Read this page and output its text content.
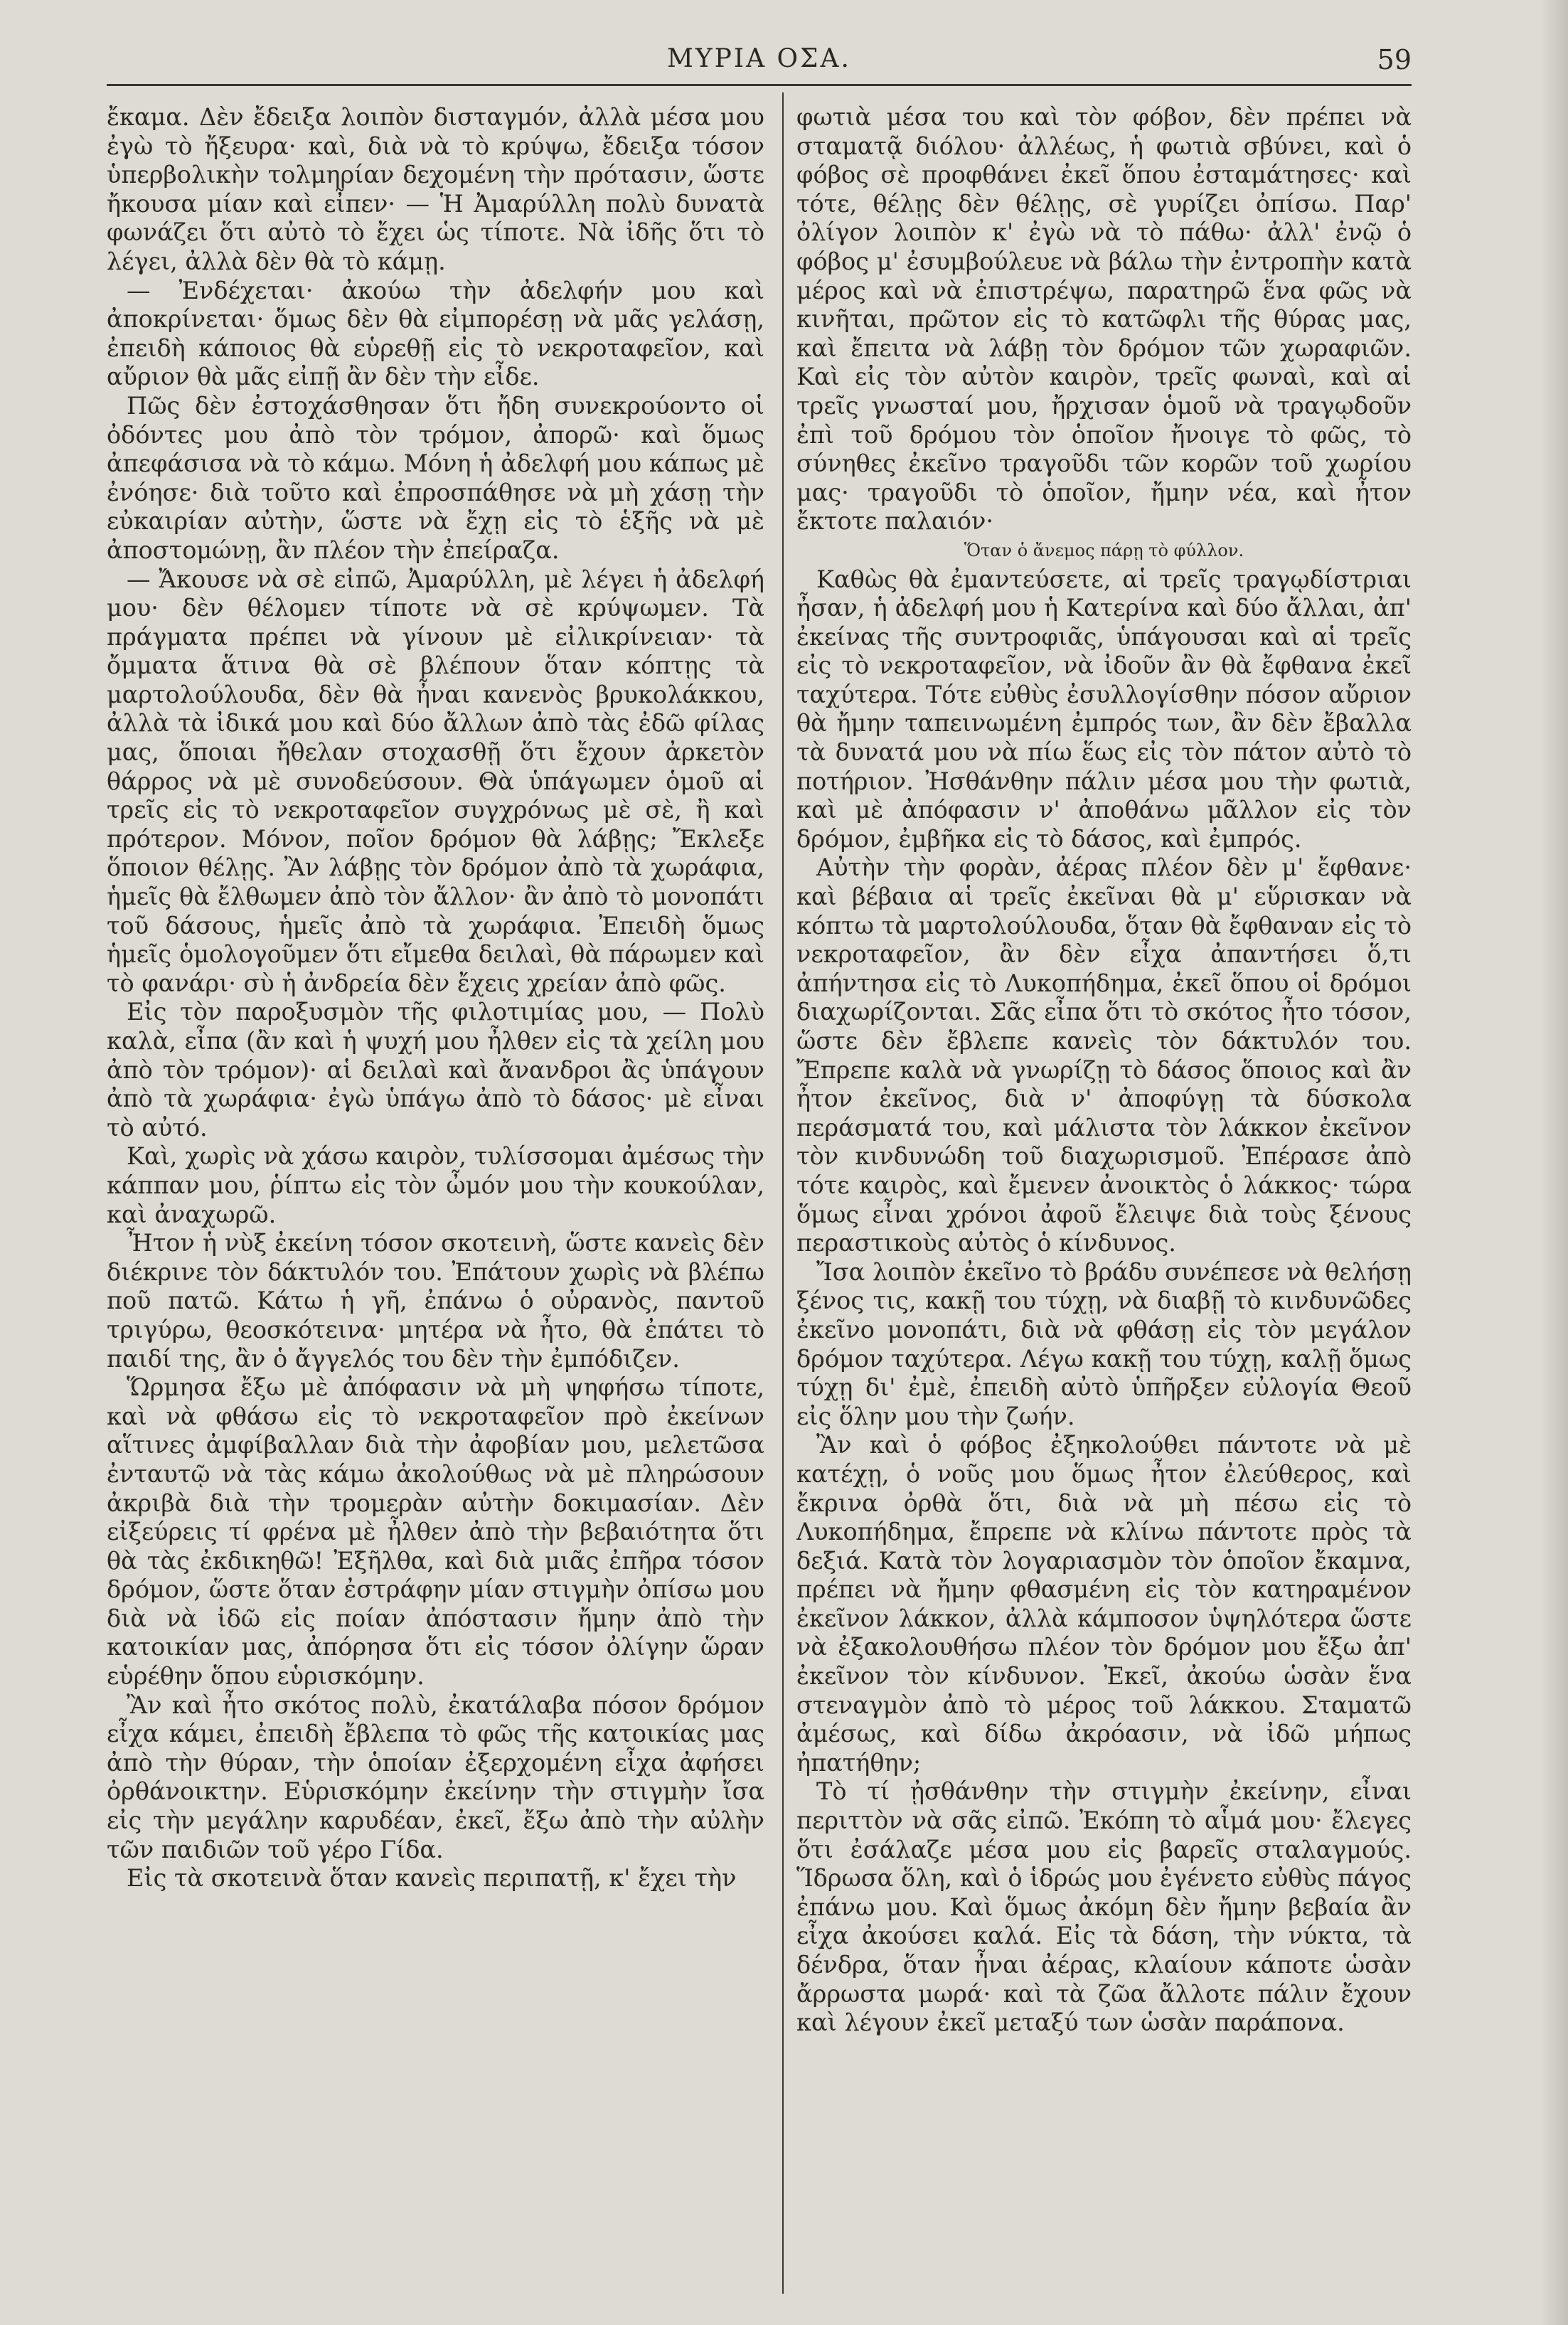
ΜΥΡΙΑ ΟΣΑ.	59

ἔκαμα. Δὲν ἔδειξα λοιπὸν δισταγμόν, ἀλλὰ μέσα μου ἐγὼ τὸ ἤξευρα· καὶ, διὰ νὰ τὸ κρύψω, ἔδειξα τόσον ὑπερβολικὴν τολμηρίαν δεχομένη τὴν πρότασιν, ὥστε ἤκουσα μίαν καὶ εἶπεν· — Ἡ Ἀμαρύλλη πολὺ δυνατὰ φωνάζει ὅτι αὐτὸ τὸ ἔχει ὡς τίποτε. Νὰ ἰδῆς ὅτι τὸ λέγει, ἀλλὰ δὲν θὰ τὸ κάμῃ.

— Ἐνδέχεται· ἀκούω τὴν ἀδελφήν μου καὶ ἀποκρίνεται· ὅμως δὲν θὰ εἰμπορέσῃ νὰ μᾶς γελάσῃ, ἐπειδὴ κάποιος θὰ εὑρεθῇ εἰς τὸ νεκροταφεῖον, καὶ αὔριον θὰ μᾶς εἰπῇ ἂν δὲν τὴν εἶδε.

Πῶς δὲν ἐστοχάσθησαν ὅτι ἤδη συνεκρούοντο οἱ ὀδόντες μου ἀπὸ τὸν τρόμον, ἀπορῶ· καὶ ὅμως ἀπεφάσισα νὰ τὸ κάμω. Μόνη ἡ ἀδελφή μου κάπως μὲ ἐνόησε· διὰ τοῦτο καὶ ἐπροσπάθησε νὰ μὴ χάσῃ τὴν εὐκαιρίαν αὐτὴν, ὥστε νὰ ἔχῃ εἰς τὸ ἑξῆς νὰ μὲ ἀποστομώνῃ, ἂν πλέον τὴν ἐπείραζα.

— Ἄκουσε νὰ σὲ εἰπῶ, Ἀμαρύλλη, μὲ λέγει ἡ ἀδελφή μου· δὲν θέλομεν τίποτε νὰ σὲ κρύψωμεν. Τὰ πράγματα πρέπει νὰ γίνουν μὲ εἰλικρίνειαν· τὰ ὄμματα ἅτινα θὰ σὲ βλέπουν ὅταν κόπτῃς τὰ μαρτολούλουδα, δὲν θὰ ἦναι κανενὸς βρυκολάκκου, ἀλλὰ τὰ ἰδικά μου καὶ δύο ἄλλων ἀπὸ τὰς ἐδῶ φίλας μας, ὅποιαι ἤθελαν στοχασθῇ ὅτι ἔχουν ἀρκετὸν θάρρος νὰ μὲ συνοδεύσουν. Θὰ ὑπάγωμεν ὁμοῦ αἱ τρεῖς εἰς τὸ νεκροταφεῖον συγχρόνως μὲ σὲ, ἢ καὶ πρότερον. Μόνον, ποῖον δρόμον θὰ λάβῃς; Ἔκλεξε ὅποιον θέλῃς. Ἂν λάβῃς τὸν δρόμον ἀπὸ τὰ χωράφια, ἡμεῖς θὰ ἔλθωμεν ἀπὸ τὸν ἄλλον· ἂν ἀπὸ τὸ μονοπάτι τοῦ δάσους, ἡμεῖς ἀπὸ τὰ χωράφια. Ἐπειδὴ ὅμως ἡμεῖς ὁμολογοῦμεν ὅτι εἴμεθα δειλαὶ, θὰ πάρωμεν καὶ τὸ φανάρι· σὺ ἡ ἀνδρεία δὲν ἔχεις χρείαν ἀπὸ φῶς.

Εἰς τὸν παροξυσμὸν τῆς φιλοτιμίας μου, — Πολὺ καλὰ, εἶπα (ἂν καὶ ἡ ψυχή μου ἦλθεν εἰς τὰ χείλη μου ἀπὸ τὸν τρόμον)· αἱ δειλαὶ καὶ ἄνανδροι ἂς ὑπάγουν ἀπὸ τὰ χωράφια· ἐγὼ ὑπάγω ἀπὸ τὸ δάσος· μὲ εἶναι τὸ αὐτό.

Καὶ, χωρὶς νὰ χάσω καιρὸν, τυλίσσομαι ἀμέσως τὴν κάππαν μου, ῥίπτω εἰς τὸν ὦμόν μου τὴν κουκούλαν, καὶ ἀναχωρῶ.

Ἦτον ἡ νὺξ ἐκείνη τόσον σκοτεινὴ, ὥστε κανεὶς δὲν διέκρινε τὸν δάκτυλόν του. Ἐπάτουν χωρὶς νὰ βλέπω ποῦ πατῶ. Κάτω ἡ γῆ, ἐπάνω ὁ οὐρανὸς, παντοῦ τριγύρω, θεοσκότεινα· μητέρα νὰ ἦτο, θὰ ἐπάτει τὸ παιδί της, ἂν ὁ ἄγγελός του δὲν τὴν ἐμπόδιζεν.

Ὥρμησα ἔξω μὲ ἀπόφασιν νὰ μὴ ψηφήσω τίποτε, καὶ νὰ φθάσω εἰς τὸ νεκροταφεῖον πρὸ ἐκείνων αἵτινες ἀμφίβαλλαν διὰ τὴν ἀφοβίαν μου, μελετῶσα ἐνταυτῷ νὰ τὰς κάμω ἀκολούθως νὰ μὲ πληρώσουν ἀκριβὰ διὰ τὴν τρομερὰν αὐτὴν δοκιμασίαν. Δὲν εἰξεύρεις τί φρένα μὲ ἦλθεν ἀπὸ τὴν βεβαιότητα ὅτι θὰ τὰς ἐκδικηθῶ! Ἐξῆλθα, καὶ διὰ μιᾶς ἐπῆρα τόσον δρόμον, ὥστε ὅταν ἐστράφην μίαν στιγμὴν ὀπίσω μου διὰ νὰ ἰδῶ εἰς ποίαν ἀπόστασιν ἤμην ἀπὸ τὴν κατοικίαν μας, ἀπόρησα ὅτι εἰς τόσον ὀλίγην ὥραν εὑρέθην ὅπου εὑρισκόμην.

Ἂν καὶ ἦτο σκότος πολὺ, ἐκατάλαβα πόσον δρόμον εἶχα κάμει, ἐπειδὴ ἔβλεπα τὸ φῶς τῆς κατοικίας μας ἀπὸ τὴν θύραν, τὴν ὁποίαν ἐξερχομένη εἶχα ἀφήσει ὀρθάνοικτην. Εὑρισκόμην ἐκείνην τὴν στιγμὴν ἴσα εἰς τὴν μεγάλην καρυδέαν, ἐκεῖ, ἔξω ἀπὸ τὴν αὐλὴν τῶν παιδιῶν τοῦ γέρο Γίδα.

Εἰς τὰ σκοτεινὰ ὅταν κανεὶς περιπατῇ, κ' ἔχει τὴν

φωτιὰ μέσα του καὶ τὸν φόβον, δὲν πρέπει νὰ σταματᾷ διόλου· ἀλλέως, ἡ φωτιὰ σβύνει, καὶ ὁ φόβος σὲ προφθάνει ἐκεῖ ὅπου ἐσταμάτησες· καὶ τότε, θέλῃς δὲν θέλῃς, σὲ γυρίζει ὀπίσω. Παρ' ὀλίγον λοιπὸν κ' ἐγὼ νὰ τὸ πάθω· ἀλλ' ἐνῷ ὁ φόβος μ' ἐσυμβούλευε νὰ βάλω τὴν ἐντροπὴν κατὰ μέρος καὶ νὰ ἐπιστρέψω, παρατηρῶ ἕνα φῶς νὰ κινῆται, πρῶτον εἰς τὸ κατῶφλι τῆς θύρας μας, καὶ ἔπειτα νὰ λάβῃ τὸν δρόμον τῶν χωραφιῶν. Καὶ εἰς τὸν αὐτὸν καιρὸν, τρεῖς φωναὶ, καὶ αἱ τρεῖς γνωσταί μου, ἤρχισαν ὁμοῦ νὰ τραγῳδοῦν ἐπὶ τοῦ δρόμου τὸν ὁποῖον ἤνοιγε τὸ φῶς, τὸ σύνηθες ἐκεῖνο τραγοῦδι τῶν κορῶν τοῦ χωρίου μας· τραγοῦδι τὸ ὁποῖον, ἤμην νέα, καὶ ἦτον ἔκτοτε παλαιόν·

Ὅταν ὁ ἄνεμος πάρῃ τὸ φύλλον.

Καθὼς θὰ ἐμαντεύσετε, αἱ τρεῖς τραγῳδίστριαι ἦσαν, ἡ ἀδελφή μου ἡ Κατερίνα καὶ δύο ἄλλαι, ἀπ' ἐκείνας τῆς συντροφιᾶς, ὑπάγουσαι καὶ αἱ τρεῖς εἰς τὸ νεκροταφεῖον, νὰ ἰδοῦν ἂν θὰ ἔφθανα ἐκεῖ ταχύτερα. Τότε εὐθὺς ἐσυλλογίσθην πόσον αὔριον θὰ ἤμην ταπεινωμένη ἐμπρός των, ἂν δὲν ἔβαλλα τὰ δυνατά μου νὰ πίω ἕως εἰς τὸν πάτον αὐτὸ τὸ ποτήριον. Ἠσθάνθην πάλιν μέσα μου τὴν φωτιὰ, καὶ μὲ ἀπόφασιν ν' ἀποθάνω μᾶλλον εἰς τὸν δρόμον, ἐμβῆκα εἰς τὸ δάσος, καὶ ἐμπρός.

Αὐτὴν τὴν φορὰν, ἀέρας πλέον δὲν μ' ἔφθανε· καὶ βέβαια αἱ τρεῖς ἐκεῖναι θὰ μ' εὕρισκαν νὰ κόπτω τὰ μαρτολούλουδα, ὅταν θὰ ἔφθαναν εἰς τὸ νεκροταφεῖον, ἂν δὲν εἶχα ἀπαντήσει ὅ,τι ἀπήντησα εἰς τὸ Λυκοπήδημα, ἐκεῖ ὅπου οἱ δρόμοι διαχωρίζονται. Σᾶς εἶπα ὅτι τὸ σκότος ἦτο τόσον, ὥστε δὲν ἔβλεπε κανεὶς τὸν δάκτυλόν του. Ἔπρεπε καλὰ νὰ γνωρίζῃ τὸ δάσος ὅποιος καὶ ἂν ἦτον ἐκεῖνος, διὰ ν' ἀποφύγῃ τὰ δύσκολα περάσματά του, καὶ μάλιστα τὸν λάκκον ἐκεῖνον τὸν κινδυνώδη τοῦ διαχωρισμοῦ. Ἐπέρασε ἀπὸ τότε καιρὸς, καὶ ἔμενεν ἀνοικτὸς ὁ λάκκος· τώρα ὅμως εἶναι χρόνοι ἀφοῦ ἔλειψε διὰ τοὺς ξένους περαστικοὺς αὐτὸς ὁ κίνδυνος.

Ἴσα λοιπὸν ἐκεῖνο τὸ βράδυ συνέπεσε νὰ θελήσῃ ξένος τις, κακῇ του τύχῃ, νὰ διαβῇ τὸ κινδυνῶδες ἐκεῖνο μονοπάτι, διὰ νὰ φθάσῃ εἰς τὸν μεγάλον δρόμον ταχύτερα. Λέγω κακῇ του τύχῃ, καλῇ ὅμως τύχῃ δι' ἐμὲ, ἐπειδὴ αὐτὸ ὑπῆρξεν εὐλογία Θεοῦ εἰς ὅλην μου τὴν ζωήν.

Ἂν καὶ ὁ φόβος ἐξηκολούθει πάντοτε νὰ μὲ κατέχῃ, ὁ νοῦς μου ὅμως ἦτον ἐλεύθερος, καὶ ἔκρινα ὀρθὰ ὅτι, διὰ νὰ μὴ πέσω εἰς τὸ Λυκοπήδημα, ἔπρεπε νὰ κλίνω πάντοτε πρὸς τὰ δεξιά. Κατὰ τὸν λογαριασμὸν τὸν ὁποῖον ἔκαμνα, πρέπει νὰ ἤμην φθασμένη εἰς τὸν κατηραμένον ἐκεῖνον λάκκον, ἀλλὰ κάμποσον ὑψηλότερα ὥστε νὰ ἐξακολουθήσω πλέον τὸν δρόμον μου ἔξω ἀπ' ἐκεῖνον τὸν κίνδυνον. Ἐκεῖ, ἀκούω ὡσὰν ἕνα στεναγμὸν ἀπὸ τὸ μέρος τοῦ λάκκου. Σταματῶ ἀμέσως, καὶ δίδω ἀκρόασιν, νὰ ἰδῶ μήπως ἠπατήθην;

Τὸ τί ᾐσθάνθην τὴν στιγμὴν ἐκείνην, εἶναι περιττὸν νὰ σᾶς εἰπῶ. Ἐκόπη τὸ αἷμά μου· ἔλεγες ὅτι ἐσάλαζε μέσα μου εἰς βαρεῖς σταλαγμούς. Ἵδρωσα ὅλη, καὶ ὁ ἱδρώς μου ἐγένετο εὐθὺς πάγος ἐπάνω μου. Καὶ ὅμως ἀκόμη δὲν ἤμην βεβαία ἂν εἶχα ἀκούσει καλά. Εἰς τὰ δάση, τὴν νύκτα, τὰ δένδρα, ὅταν ἦναι ἀέρας, κλαίουν κάποτε ὡσὰν ἄρρωστα μωρά· καὶ τὰ ζῶα ἄλλοτε πάλιν ἔχουν καὶ λέγουν ἐκεῖ μεταξύ των ὡσὰν παράπονα.
